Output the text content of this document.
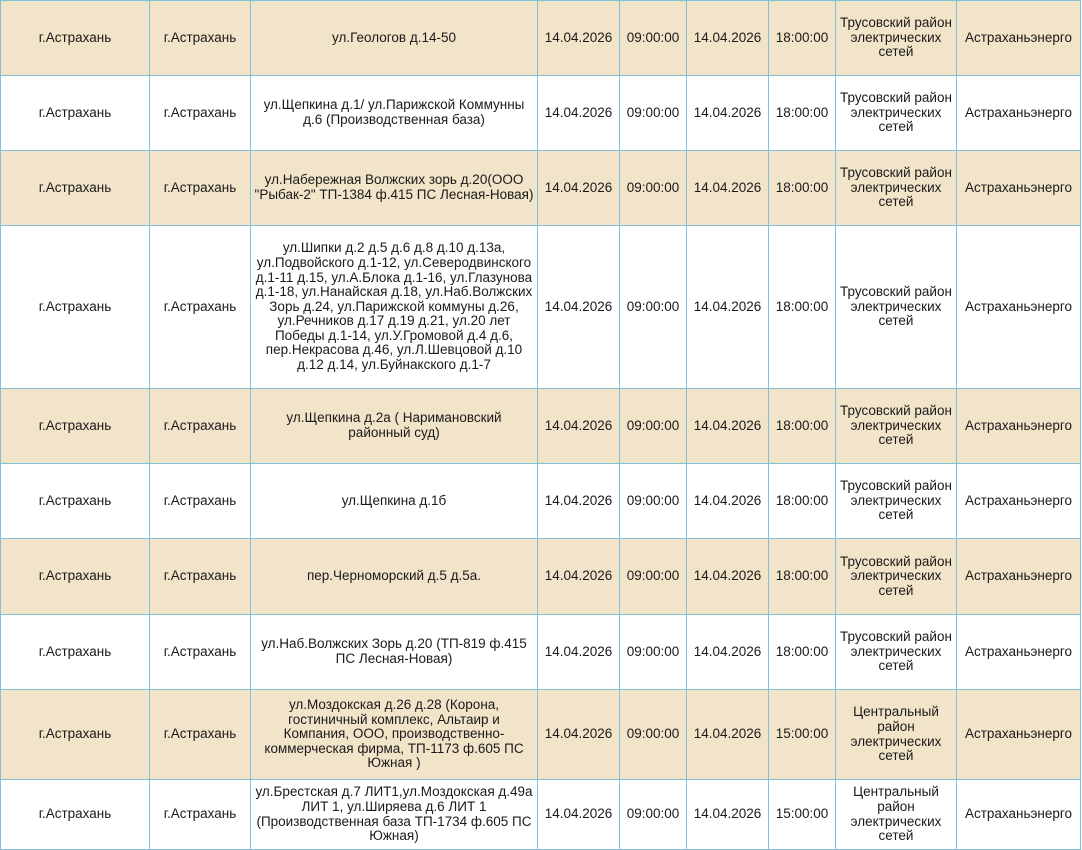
г.Астрахань	г.Астрахань	ул.Геологов д.14-50	14.04.2026	09:00:00	14.04.2026	18:00:00	Трусовский район электрических сетей	Астраханьэнерго
г.Астрахань	г.Астрахань	ул.Щепкина д.1/ ул.Парижской Коммунны д.6 (Производственная база)	14.04.2026	09:00:00	14.04.2026	18:00:00	Трусовский район электрических сетей	Астраханьэнерго
г.Астрахань	г.Астрахань	ул.Набережная Волжских зорь д.20(ООО "Рыбак-2" ТП-1384 ф.415 ПС Лесная-Новая)	14.04.2026	09:00:00	14.04.2026	18:00:00	Трусовский район электрических сетей	Астраханьэнерго
г.Астрахань	г.Астрахань	ул.Шипки д.2 д.5 д.6 д.8 д.10 д.13а, ул.Подвойского д.1-12, ул.Северодвинского д.1-11 д.15, ул.А.Блока д.1-16, ул.Глазунова д.1-18, ул.Нанайская д.18, ул.Наб.Волжских Зорь д.24, ул.Парижской коммуны д.26, ул.Речников д.17 д.19 д.21, ул.20 лет Победы д.1-14, ул.У.Громовой д.4 д.6, пер.Некрасова д.46, ул.Л.Шевцовой д.10 д.12 д.14, ул.Буйнакского д.1-7	14.04.2026	09:00:00	14.04.2026	18:00:00	Трусовский район электрических сетей	Астраханьэнерго
г.Астрахань	г.Астрахань	ул.Щепкина д.2а ( Наримановский районный суд)	14.04.2026	09:00:00	14.04.2026	18:00:00	Трусовский район электрических сетей	Астраханьэнерго
г.Астрахань	г.Астрахань	ул.Щепкина д.1б	14.04.2026	09:00:00	14.04.2026	18:00:00	Трусовский район электрических сетей	Астраханьэнерго
г.Астрахань	г.Астрахань	пер.Черноморский д.5 д.5а.	14.04.2026	09:00:00	14.04.2026	18:00:00	Трусовский район электрических сетей	Астраханьэнерго
г.Астрахань	г.Астрахань	ул.Наб.Волжских Зорь д.20 (ТП-819 ф.415 ПС Лесная-Новая)	14.04.2026	09:00:00	14.04.2026	18:00:00	Трусовский район электрических сетей	Астраханьэнерго
г.Астрахань	г.Астрахань	ул.Моздокская д.26 д.28 (Корона, гостиничный комплекс, Альтаир и Компания, ООО, производственно-коммерческая фирма, ТП-1173 ф.605 ПС Южная )	14.04.2026	09:00:00	14.04.2026	15:00:00	Центральный район электрических сетей	Астраханьэнерго
г.Астрахань	г.Астрахань	ул.Брестская д.7 ЛИТ1,ул.Моздокская д.49а ЛИТ 1, ул.Ширяева д.6 ЛИТ 1 (Производственная база ТП-1734 ф.605 ПС Южная)	14.04.2026	09:00:00	14.04.2026	15:00:00	Центральный район электрических сетей	Астраханьэнерго
